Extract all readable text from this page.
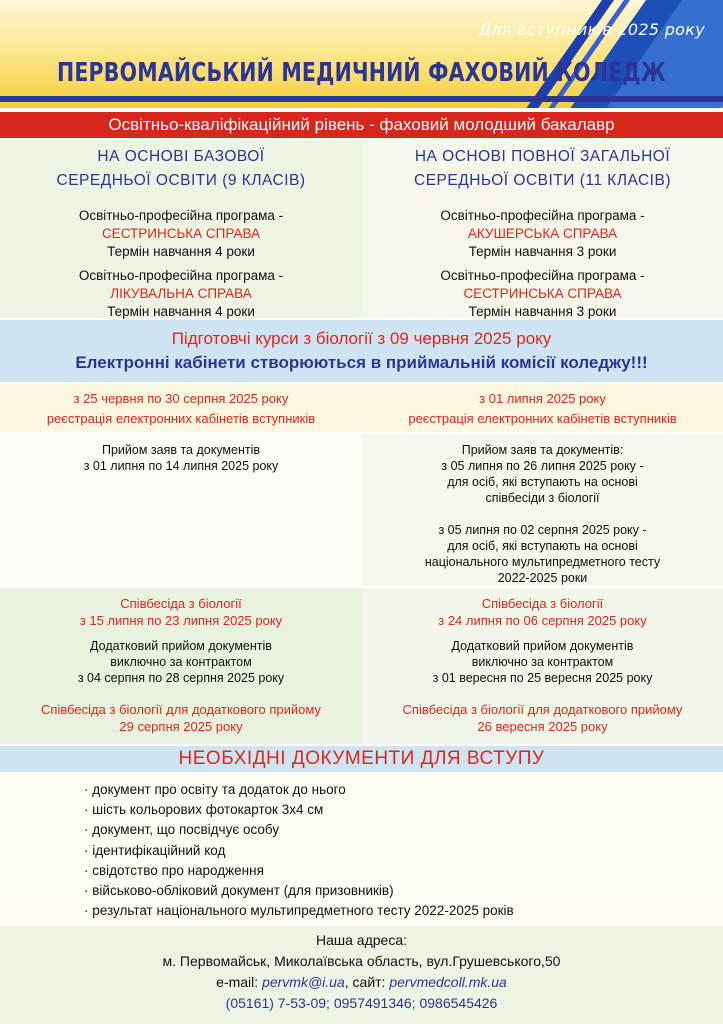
Для вступників 2025 року
ПЕРВОМАЙСЬКИЙ МЕДИЧНИЙ ФАХОВИЙ КОЛЕДЖ
Освітньо-кваліфікаційний рівень - фаховий молодший бакалавр
НА ОСНОВІ БАЗОВОЇ
СЕРЕДНЬОЇ ОСВІТИ (9 КЛАСІВ)
Освітньо-професійна програма -
СЕСТРИНСЬКА СПРАВА
Термін навчання 4 роки
Освітньо-професійна програма -
ЛІКУВАЛЬНА СПРАВА
Термін навчання 4 роки
НА ОСНОВІ ПОВНОЇ ЗАГАЛЬНОЇ
СЕРЕДНЬОЇ ОСВІТИ (11 КЛАСІВ)
Освітньо-професійна програма -
АКУШЕРСЬКА СПРАВА
Термін навчання 3 роки
Освітньо-професійна програма -
СЕСТРИНСЬКА СПРАВА
Термін навчання 3 роки
Підготовчі курси з біології з 09 червня 2025 року
Електронні кабінети створюються в приймальній комісії коледжу!!!
з 25 червня по 30 серпня 2025 року
реєстрація електронних кабінетів вступників
з 01 липня 2025 року
реєстрація електронних кабінетів вступників
Прийом заяв та документів
з 01 липня по 14 липня 2025 року
Прийом заяв та документів:
з 05 липня по 26 липня 2025 року -
для осіб, які вступають на основі
співбесіди з біології
з 05 липня по 02 серпня 2025 року -
для осіб, які вступають на основі
національного мультипредметного тесту
2022-2025 роки
Співбесіда з біології
з 15 липня по 23 липня 2025 року
Додатковий прийом документів
виключно за контрактом
з 04 серпня по 28 серпня 2025 року
Співбесіда з біології для додаткового прийому
29 серпня 2025 року
Співбесіда з біології
з 24 липня по 06 серпня 2025 року
Додатковий прийом документів
виключно за контрактом
з 01 вересня по 25 вересня 2025 року
Співбесіда з біології для додаткового прийому
26 вересня 2025 року
НЕОБХІДНІ ДОКУМЕНТИ ДЛЯ ВСТУПУ
· документ про освіту та додаток до нього
· шість кольорових фотокарток 3х4 см
· документ, що посвідчує особу
· ідентифікаційний код
· свідотство про народження
· військово-обліковий документ (для призовників)
· результат національного мультипредметного тесту 2022-2025 років
Наша адреса:
м. Первомайськ, Миколаївська область, вул.Грушевського,50
e-mail: pervmk@i.ua, сайт: pervmedcoll.mk.ua
(05161) 7-53-09; 0957491346; 0986545426
